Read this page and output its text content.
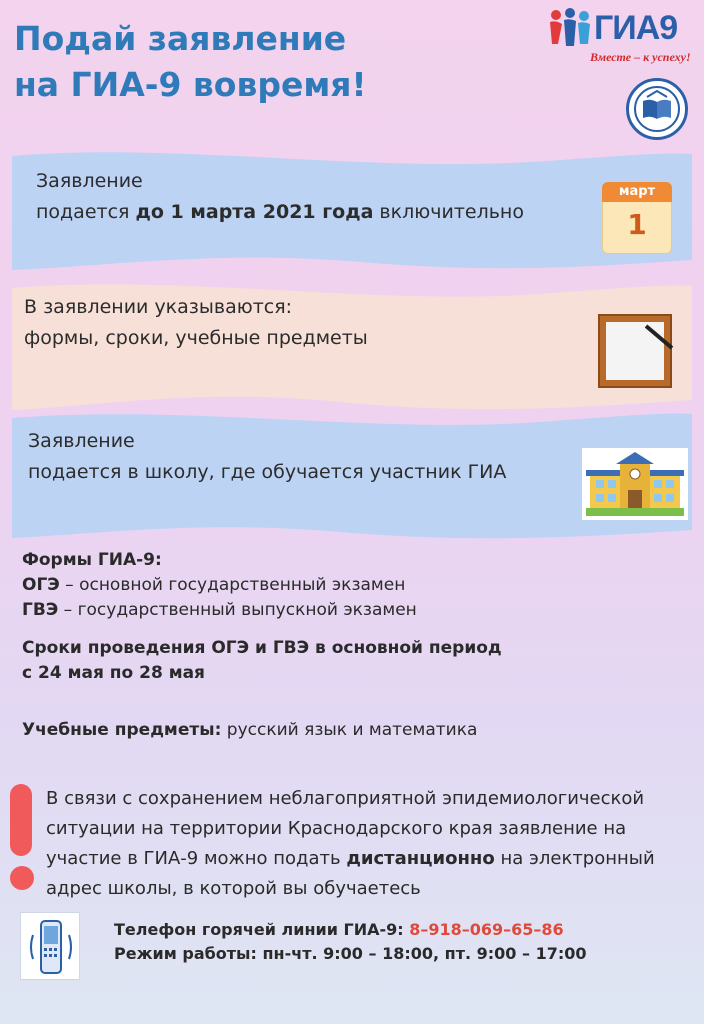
Подай заявление
на ГИА-9 вовремя!
ГИА9
Вместе – к успеху!
Заявление
подается до 1 марта 2021 года включительно
март
1
В заявлении указываются:
формы, сроки, учебные предметы
Заявление
подается в школу, где обучается участник ГИА
Формы ГИА-9:
ОГЭ – основной государственный экзамен
ГВЭ – государственный выпускной экзамен
Сроки проведения ОГЭ и ГВЭ в основной период
с 24 мая по 28 мая
Учебные предметы: русский язык и математика
В связи с сохранением неблагоприятной эпидемиологической
ситуации на территории Краснодарского края заявление на
участие в ГИА-9 можно подать дистанционно на электронный
адрес школы, в которой вы обучаетесь
Телефон горячей линии ГИА-9: 8–918–069–65–86
Режим работы: пн-чт. 9:00 – 18:00, пт. 9:00 – 17:00
